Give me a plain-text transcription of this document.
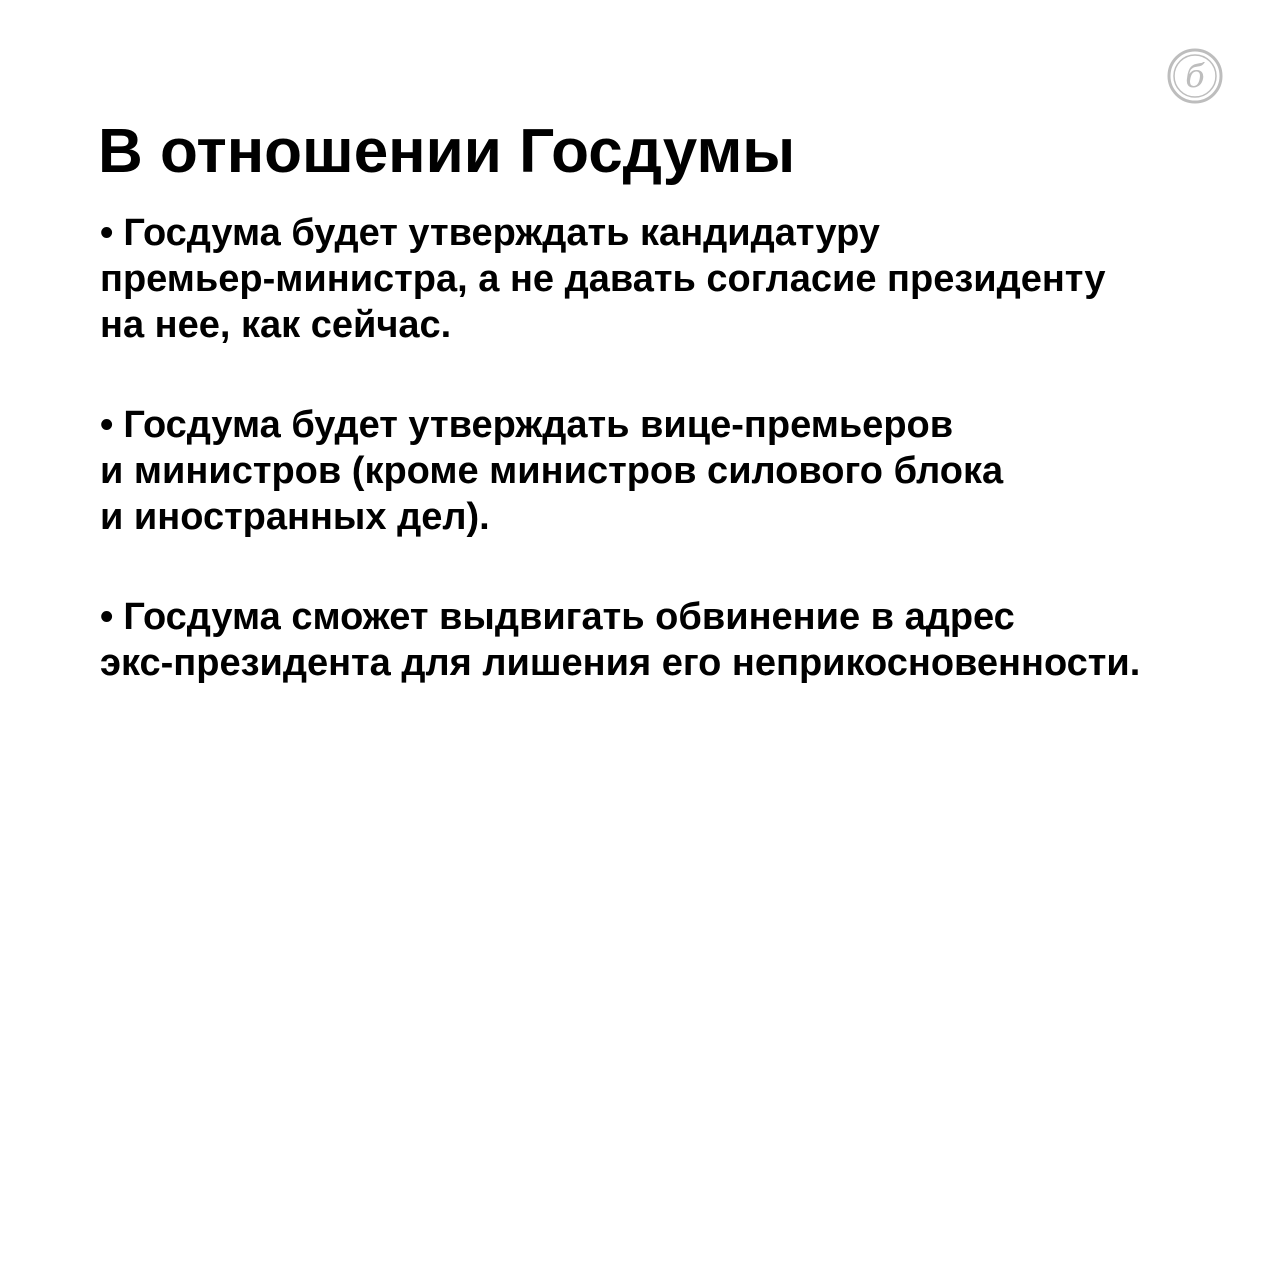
б
В отношении Госдумы
• Госдума будет утверждать кандидатуру
премьер-министра, а не давать согласие президенту
на нее, как сейчас.
• Госдума будет утверждать вице-премьеров
и министров (кроме министров силового блока
и иностранных дел).
• Госдума сможет выдвигать обвинение в адрес
экс-президента для лишения его неприкосновенности.
